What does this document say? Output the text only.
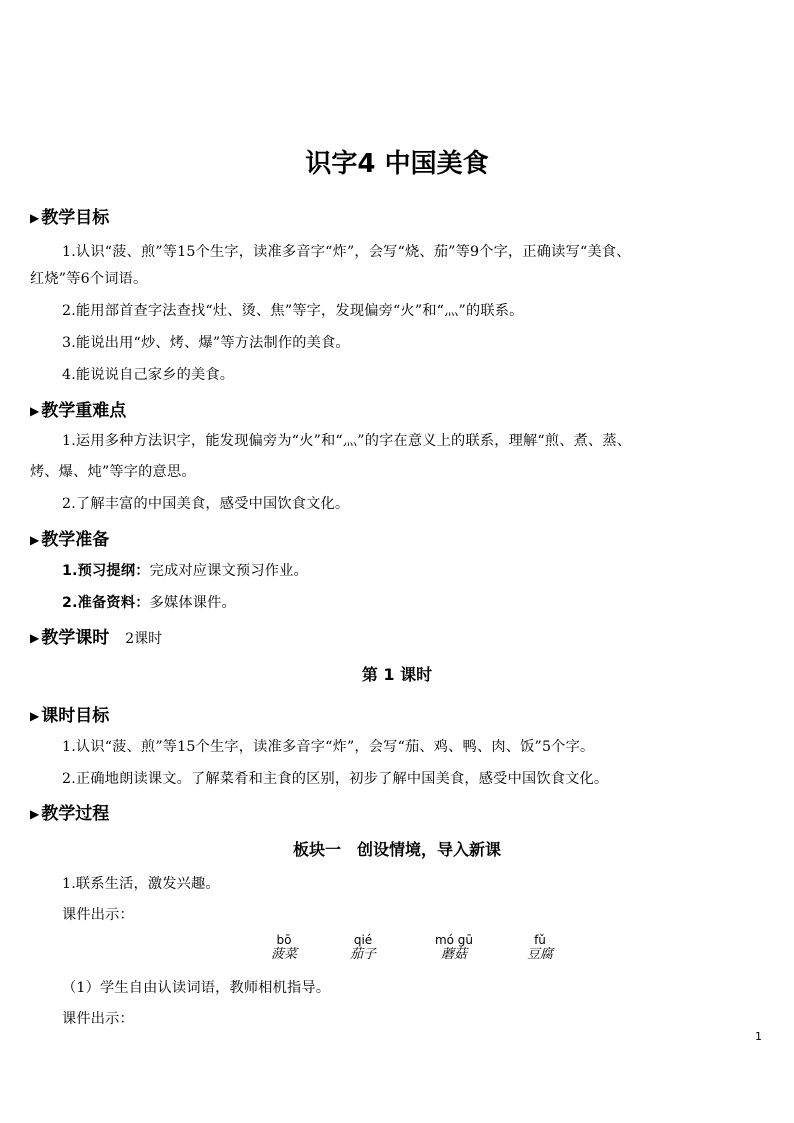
识字4 中国美食
▶ 教学目标
1.认识“菠、煎”等15个生字，读准多音字“炸”，会写“烧、茄”等9个字，正确读写“美食、
红烧”等6个词语。
2.能用部首查字法查找“灶、烫、焦”等字，发现偏旁“火”和“灬”的联系。
3.能说出用“炒、烤、爆”等方法制作的美食。
4.能说说自己家乡的美食。
▶ 教学重难点
1.运用多种方法识字，能发现偏旁为“火”和“灬”的字在意义上的联系，理解“煎、煮、蒸、
烤、爆、炖”等字的意思。
2.了解丰富的中国美食，感受中国饮食文化。
▶ 教学准备
1.预习提纲：完成对应课文预习作业。
2.准备资料：多媒体课件。
▶ 教学课时 2课时
第 1 课时
▶ 课时目标
1.认识“菠、煎”等15个生字，读准多音字“炸”，会写“茄、鸡、鸭、肉、饭”5个字。
2.正确地朗读课文。了解菜肴和主食的区别，初步了解中国美食，感受中国饮食文化。
▶ 教学过程
板块一　创设情境，导入新课
1.联系生活，激发兴趣。
课件出示：
bō
菠菜
qié
茄子
mó gū
蘑菇
fǔ
豆腐
（1）学生自由认读词语，教师相机指导。
课件出示：
1
